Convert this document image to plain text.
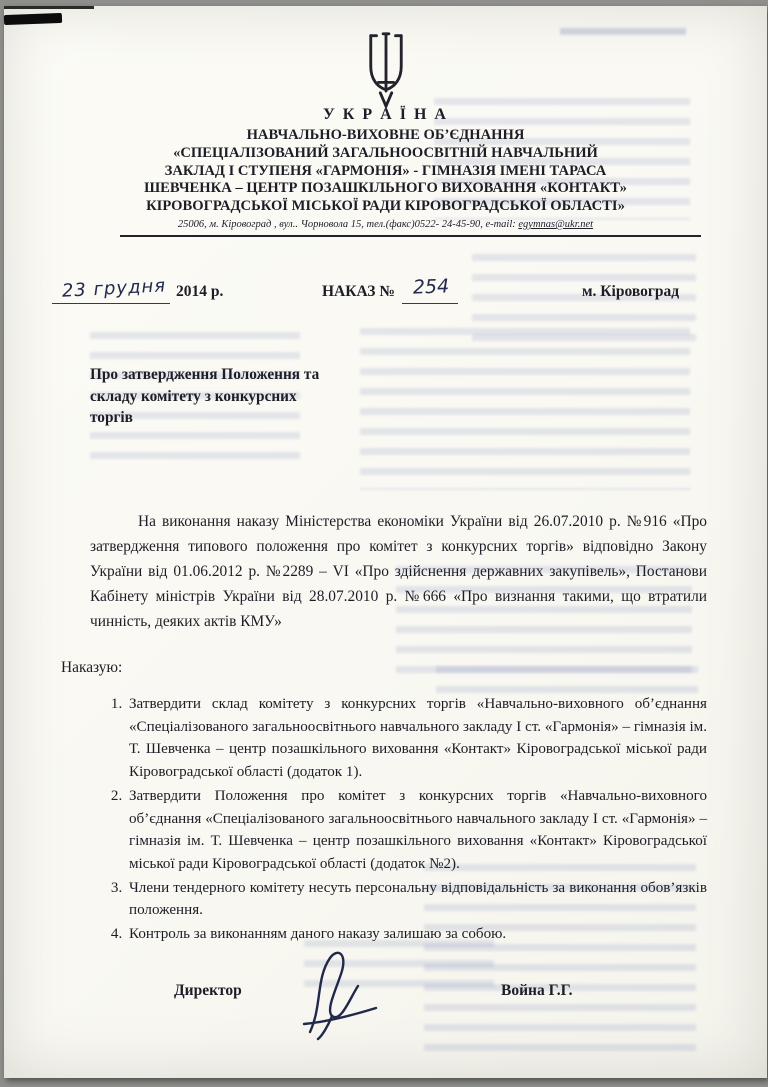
У К Р А Ї Н А
НАВЧАЛЬНО-ВИХОВНЕ ОБ’ЄДНАННЯ
«СПЕЦІАЛІЗОВАНИЙ ЗАГАЛЬНООСВІТНІЙ НАВЧАЛЬНИЙ
ЗАКЛАД І СТУПЕНЯ «ГАРМОНІЯ» - ГІМНАЗІЯ ІМЕНІ ТАРАСА
ШЕВЧЕНКА – ЦЕНТР ПОЗАШКІЛЬНОГО ВИХОВАННЯ «КОНТАКТ»
КІРОВОГРАДСЬКОЇ МІСЬКОЇ РАДИ КІРОВОГРАДСЬКОЇ ОБЛАСТІ»
25006, м. Кіровоград , вул.. Чорновола 15, тел.(факс)0522- 24-45-90, e-mail: egymnas@ukr.net
23 грудня 2014 р.	НАКАЗ № 254	м. Кіровоград
Про затвердження Положення та
складу комітету з конкурсних
торгів
На виконання наказу Міністерства економіки України від 26.07.2010 р. №916 «Про затвердження типового положення про комітет з конкурсних торгів» відповідно Закону України від 01.06.2012 р. №2289 – VI «Про здійснення державних закупівель», Постанови Кабінету міністрів України від 28.07.2010 р. №666 «Про визнання такими, що втратили чинність, деяких актів КМУ»
Наказую:
1. Затвердити склад комітету з конкурсних торгів «Навчально-виховного об’єднання «Спеціалізованого загальноосвітнього навчального закладу І ст. «Гармонія» – гімназія ім. Т. Шевченка – центр позашкільного виховання «Контакт» Кіровоградської міської ради Кіровоградської області (додаток 1).
2. Затвердити Положення про комітет з конкурсних торгів «Навчально-виховного об’єднання «Спеціалізованого загальноосвітнього навчального закладу І ст. «Гармонія» – гімназія ім. Т. Шевченка – центр позашкільного виховання «Контакт» Кіровоградської міської ради Кіровоградської області (додаток №2).
3. Члени тендерного комітету несуть персональну відповідальність за виконання обов’язків положення.
4. Контроль за виконанням даного наказу залишаю за собою.
Директор	Война Г.Г.
